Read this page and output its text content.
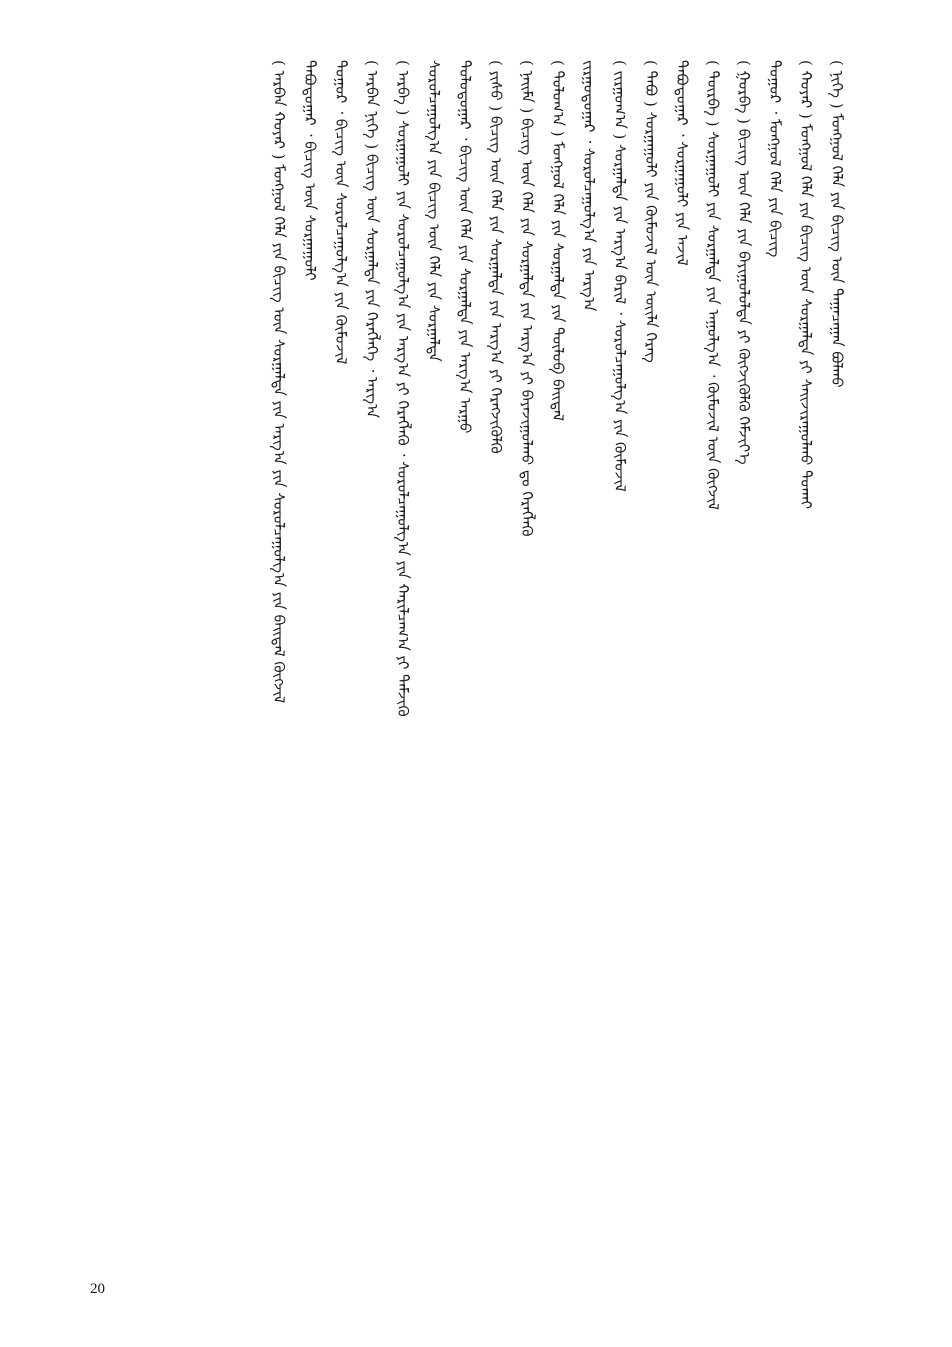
( ᠨᠢᠭᠡ ) ᠮᠣᠩᠭᠣᠯ ᠬᠡᠯᠡ ᠶᠢᠨ ᠪᠢᠴᠢᠭ ᠦᠨ ᠲᠠᠭᠠᠴᠠᠭᠠᠨ ᠪᠤᠯᠬᠤ
( ᠬᠣᠶᠠᠷ ) ᠮᠣᠩᠭᠣᠯ ᠬᠡᠯᠡ ᠶᠢᠨ ᠪᠢᠴᠢᠭ ᠦᠨ ᠰᠤᠷᠭᠠᠯᠲᠠ ᠶᠢ ᠰᠠᠢᠵᠢᠷᠠᠭᠤᠯᠬᠤ ᠲᠤᠬᠠᠢ
ᠳᠤᠭᠤᠷ ᠂ ᠮᠣᠩᠭᠣᠯ ᠬᠡᠯᠡ ᠶᠢᠨ ᠪᠢᠴᠢᠭ
( ᠭᠤᠷᠪᠠ ) ᠪᠢᠴᠢᠭ ᠦᠨ ᠬᠡᠯᠡ ᠶᠢᠨ ᠪᠠᠶᠢᠭᠤᠯᠤᠯᠲᠠ ᠶᠢ ᠬᠥᠭᠵᠢᠭᠦᠯᠬᠦ ᠬᠡᠮᠵᠢᠶ᠎ᠡ
( ᠳᠥᠷᠪᠡ ) ᠰᠤᠷᠭᠠᠭᠤᠯᠢ ᠶᠢᠨ ᠰᠤᠷᠭᠠᠯᠲᠠ ᠶᠢᠨ ᠠᠭᠤᠯᠭ᠎ᠠ ᠂ ᠬᠦᠮᠦᠵᠢᠯ ᠦᠨ ᠬᠥᠭᠵᠢᠯ
ᠲᠠᠪᠤᠳᠤᠭᠠᠷ ᠂ ᠰᠤᠷᠭᠠᠭᠤᠯᠢ ᠶᠢᠨ ᠠᠵᠢᠯ
( ᠲᠠᠪᠤ ) ᠰᠤᠷᠭᠠᠭᠤᠯᠢ ᠶᠢᠨ ᠬᠦᠮᠦᠵᠢᠯ ᠦᠨ ᠦᠢᠯᠡ ᠬᠡᠷᠡᠭ
( ᠵᠢᠷᠭᠤᠭ᠎ᠠ ) ᠰᠤᠷᠭᠠᠯᠲᠠ ᠶᠢᠨ ᠠᠷᠭ᠎ᠠ ᠪᠠᠷᠢᠯ ᠂ ᠰᠤᠷᠤᠯᠴᠠᠭᠤᠯᠭ᠎ᠠ ᠶᠢᠨ ᠬᠥᠮᠦᠵᠢᠯ
ᠵᠢᠷᠭᠤᠳᠤᠭᠠᠷ ᠂ ᠰᠤᠷᠤᠯᠴᠠᠭᠤᠯᠭ᠎ᠠ ᠶᠢᠨ ᠠᠷᠭ᠎ᠠ
( ᠳᠣᠯᠣᠭ᠎ᠠ ) ᠮᠣᠩᠭᠣᠯ ᠬᠡᠯᠡ ᠶᠢᠨ ᠰᠤᠷᠭᠠᠯᠲᠠ ᠶᠢᠨ ᠲᠥᠯᠥᠪ ᠪᠠᠢᠳᠠᠯ
( ᠨᠠᠢᠮᠠ ) ᠪᠢᠴᠢᠭ ᠦᠨ ᠬᠡᠯᠡ ᠶᠢᠨ ᠰᠤᠷᠭᠠᠯᠲᠠ ᠶᠢᠨ ᠠᠷᠭ᠎ᠠ ᠶᠢ ᠪᠠᠶᠠᠵᠢᠭᠤᠯᠬᠤ ᠳᠤ ᠬᠡᠷᠡᠭᠯᠡᠬᠦ
( ᠶᠢᠰᠦ ) ᠪᠢᠴᠢᠭ ᠦᠨ ᠬᠡᠯᠡ ᠶᠢᠨ ᠰᠤᠷᠭᠠᠯᠲᠠ ᠶᠢᠨ ᠠᠷᠭ᠎ᠠ ᠶᠢ ᠬᠡᠷᠡᠭᠵᠢᠭᠦᠯᠬᠦ
ᠳᠣᠯᠣᠳᠤᠭᠠᠷ ᠂ ᠪᠢᠴᠢᠭ ᠦᠨ ᠬᠡᠯᠡ ᠶᠢᠨ ᠰᠤᠷᠭᠠᠯᠲᠠ ᠶᠢᠨ ᠠᠷᠭ᠎ᠠ ᠠᠷᠭᠤ
ᠰᠤᠷᠤᠯᠴᠠᠭᠤᠯᠭ᠎ᠠ ᠶᠢᠨ ᠪᠢᠴᠢᠭ ᠦᠨ ᠬᠡᠯᠡ ᠶᠢᠨ ᠰᠤᠷᠭᠠᠯᠲᠠ
( ᠠᠷᠪᠠ ) ᠰᠤᠷᠭᠠᠭᠤᠯᠢ ᠶᠢᠨ ᠰᠤᠷᠤᠯᠴᠠᠭᠤᠯᠭ᠎ᠠ ᠶᠢᠨ ᠠᠷᠭ᠎ᠠ ᠶᠢ ᠬᠡᠷᠡᠭᠯᠡᠬᠦ ᠂ ᠰᠤᠷᠤᠯᠴᠠᠭᠤᠯᠭ᠎ᠠ ᠶᠢᠨ ᠬᠠᠷᠢᠯᠴᠠᠭ᠎ᠠ ᠶᠢ ᠳᠡᠮᠵᠢᠬᠦ
( ᠠᠷᠪᠠᠨ ᠨᠢᠭᠡ ) ᠪᠢᠴᠢᠭ ᠦᠨ ᠰᠤᠷᠭᠠᠯᠲᠠ ᠶᠢᠨ ᠬᠡᠷᠡᠭᠯᠡᠭᠡ ᠂ ᠠᠷᠭ᠎ᠠ
ᠳᠤᠭᠤᠷ ᠂ ᠪᠢᠴᠢᠭ ᠦᠨ ᠰᠤᠷᠤᠯᠴᠠᠭᠤᠯᠭ᠎ᠠ ᠶᠢᠨ ᠬᠦᠮᠦᠵᠢᠯ
ᠲᠠᠪᠤᠳᠤᠭᠠᠷ ᠂ ᠪᠢᠴᠢᠭ ᠦᠨ ᠰᠤᠷᠭᠠᠭᠤᠯᠢ
( ᠠᠷᠪᠠᠨ ᠬᠣᠶᠠᠷ ) ᠮᠣᠩᠭᠣᠯ ᠬᠡᠯᠡ ᠶᠢᠨ ᠪᠢᠴᠢᠭ ᠦᠨ ᠰᠤᠷᠭᠠᠯᠲᠠ ᠶᠢᠨ ᠠᠷᠭ᠎ᠠ ᠶᠢᠨ ᠰᠤᠷᠤᠯᠴᠠᠭᠤᠯᠭ᠎ᠠ ᠶᠢᠨ ᠪᠠᠢᠳᠠᠯ ᠬᠥᠭᠵᠢᠯ
20
